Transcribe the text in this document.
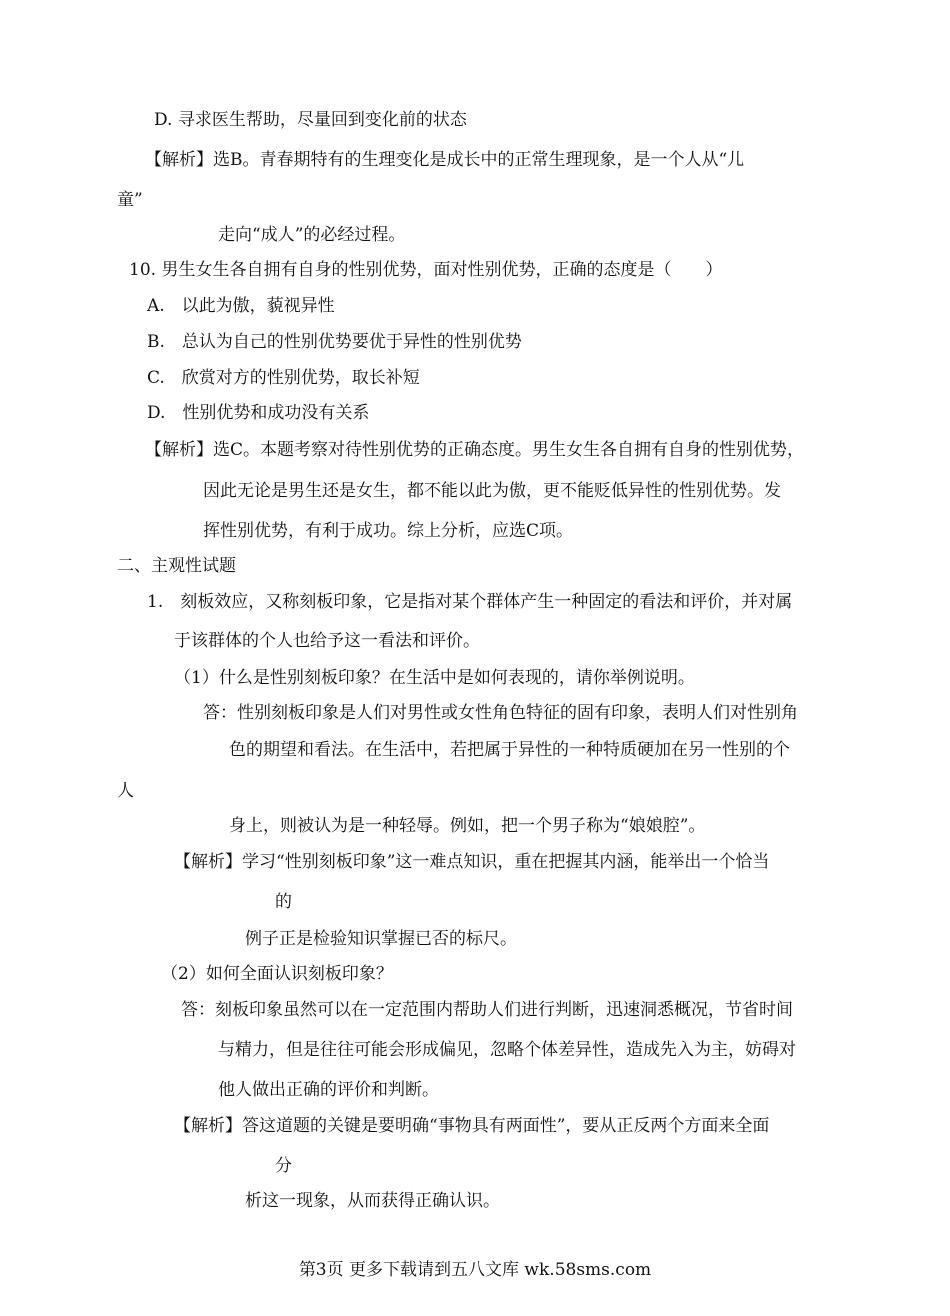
D. 寻求医生帮助，尽量回到变化前的状态

【解析】选B。青春期特有的生理变化是成长中的正常生理现象，是一个人从“儿

童”

走向“成人”的必经过程。

10. 男生女生各自拥有自身的性别优势，面对性别优势，正确的态度是（　　）

A.　以此为傲，藐视异性

B.　总认为自己的性别优势要优于异性的性别优势

C.　欣赏对方的性别优势，取长补短

D.　性别优势和成功没有关系

【解析】选C。本题考察对待性别优势的正确态度。男生女生各自拥有自身的性别优势，

因此无论是男生还是女生，都不能以此为傲，更不能贬低异性的性别优势。发

挥性别优势，有利于成功。综上分析，应选C项。

二、主观性试题

1.　刻板效应，又称刻板印象，它是指对某个群体产生一种固定的看法和评价，并对属

于该群体的个人也给予这一看法和评价。

（1）什么是性别刻板印象？在生活中是如何表现的，请你举例说明。

答：性别刻板印象是人们对男性或女性角色特征的固有印象，表明人们对性别角

色的期望和看法。在生活中，若把属于异性的一种特质硬加在另一性别的个

人

身上，则被认为是一种轻辱。例如，把一个男子称为“娘娘腔”。

【解析】学习“性别刻板印象”这一难点知识，重在把握其内涵，能举出一个恰当

的

例子正是检验知识掌握已否的标尺。

（2）如何全面认识刻板印象？

答：刻板印象虽然可以在一定范围内帮助人们进行判断，迅速洞悉概况，节省时间

与精力，但是往往可能会形成偏见，忽略个体差异性，造成先入为主，妨碍对

他人做出正确的评价和判断。

【解析】答这道题的关键是要明确“事物具有两面性”，要从正反两个方面来全面

分

析这一现象，从而获得正确认识。

第3页 更多下载请到五八文库 wk.58sms.com
